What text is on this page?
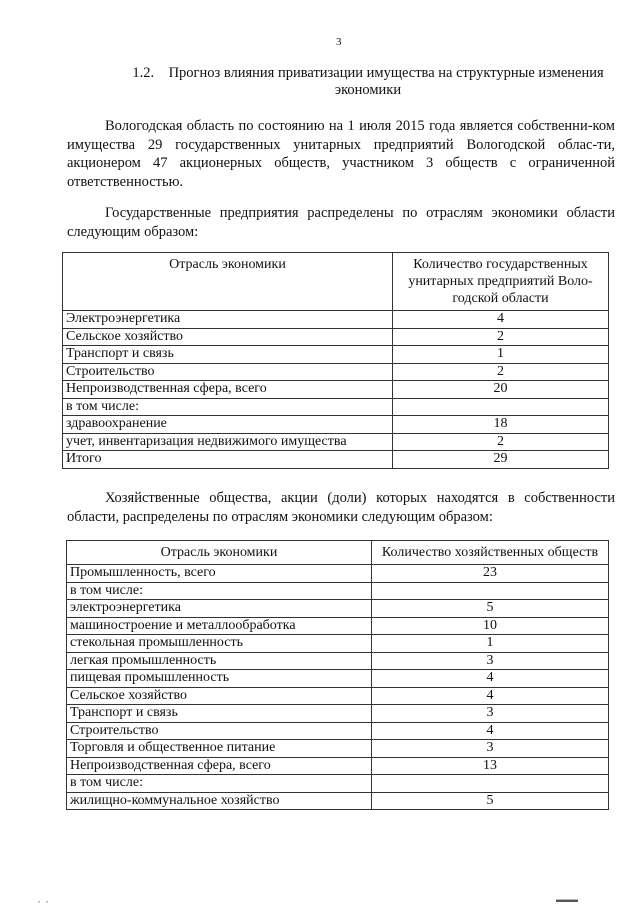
3
1.2. Прогноз влияния приватизации имущества на структурные изменения
экономики

Вологодская область по состоянию на 1 июля 2015 года является собственни-ком имущества 29 государственных унитарных предприятий Вологодской облас-ти, акционером 47 акционерных обществ, участником 3 обществ с ограниченной ответственностью.

Государственные предприятия распределены по отраслям экономики области следующим образом:

Отрасль экономики	Количество государственных унитарных предприятий Воло-годской области
Электроэнергетика	4
Сельское хозяйство	2
Транспорт и связь	1
Строительство	2
Непроизводственная сфера, всего	20
в том числе:	
здравоохранение	18
учет, инвентаризация недвижимого имущества	2
Итого	29

Хозяйственные общества, акции (доли) которых находятся в собственности области, распределены по отраслям экономики следующим образом:

Отрасль экономики	Количество хозяйственных обществ
Промышленность, всего	23
в том числе:	
электроэнергетика	5
машиностроение и металлообработка	10
стекольная промышленность	1
легкая промышленность	3
пищевая промышленность	4
Сельское хозяйство	4
Транспорт и связь	3
Строительство	4
Торговля и общественное питание	3
Непроизводственная сфера, всего	13
в том числе:	
жилищно-коммунальное хозяйство	5
,   ,	▬▬▬
